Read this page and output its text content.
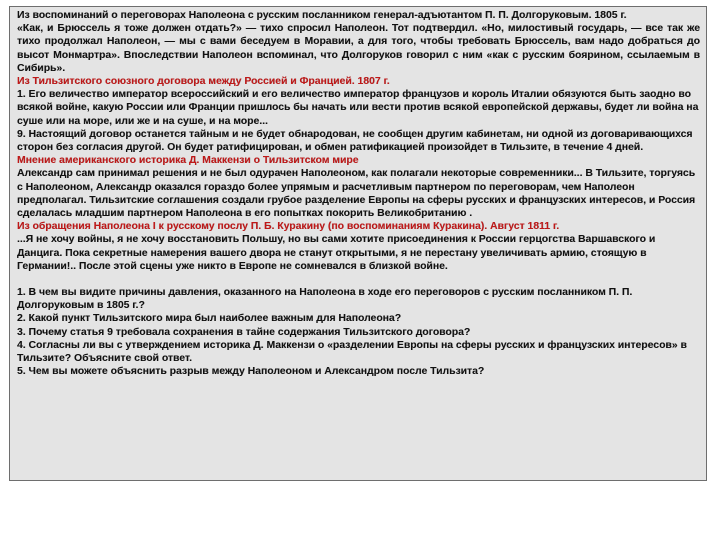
Из воспоминаний о переговорах Наполеона с русским посланником генерал-адъютантом П. П. Долгоруковым. 1805 г.

«Как, и Брюссель я тоже должен отдать?» — тихо спросил Наполеон. Тот подтвердил. «Но, милостивый государь, — все так же тихо продолжал Наполеон, — мы с вами беседуем в Моравии, а для того, чтобы требовать Брюссель, вам надо добраться до высот Монмартра». Впоследствии Наполеон вспоминал, что Долгоруков говорил с ним «как с русским боярином, ссылаемым в Сибирь».

Из Тильзитского союзного договора между Россией и Францией. 1807 г.

1. Его величество император всероссийский и его величество император французов и король Италии обязуются быть заодно во всякой войне, какую России или Франции пришлось бы начать или вести против всякой европейской державы, будет ли война на суше или на море, или же и на суше, и на море...

9. Настоящий договор останется тайным и не будет обнародован, не сообщен другим кабинетам, ни одной из договаривающихся сторон без согласия другой. Он будет ратифицирован, и обмен ратификацией произойдет в Тильзите, в течение 4 дней.

Мнение американского историка Д. Маккензи о Тильзитском мире

Александр сам принимал решения и не был одурачен Наполеоном, как полагали некоторые современники... В Тильзите, торгуясь с Наполеоном, Александр оказался гораздо более упрямым и расчетливым партнером по переговорам, чем Наполеон предполагал. Тильзитские соглашения создали грубое разделение Европы на сферы русских и французских интересов, и Россия сделалась младшим партнером Наполеона в его попытках покорить Великобританию .

Из обращения Наполеона I к русскому послу П. Б. Куракину (по воспоминаниям Куракина). Август 1811 г.

...Я не хочу войны, я не хочу восстановить Польшу, но вы сами хотите присоединения к России герцогства Варшавского и Данцига. Пока секретные намерения вашего двора не станут открытыми, я не перестану увеличивать армию, стоящую в Германии!.. После этой сцены уже никто в Европе не сомневался в близкой войне.

1. В чем вы видите причины давления, оказанного на Наполеона в ходе его переговоров с русским посланником П. П. Долгоруковым в 1805 г.?

2. Какой пункт Тильзитского мира был наиболее важным для Наполеона?

3. Почему статья 9 требовала сохранения в тайне содержания Тильзитского договора?

4. Согласны ли вы с утверждением историка Д. Маккензи о «разделении Европы на сферы русских и французских интересов» в Тильзите? Объясните свой ответ.

5. Чем вы можете объяснить разрыв между Наполеоном и Александром после Тильзита?
